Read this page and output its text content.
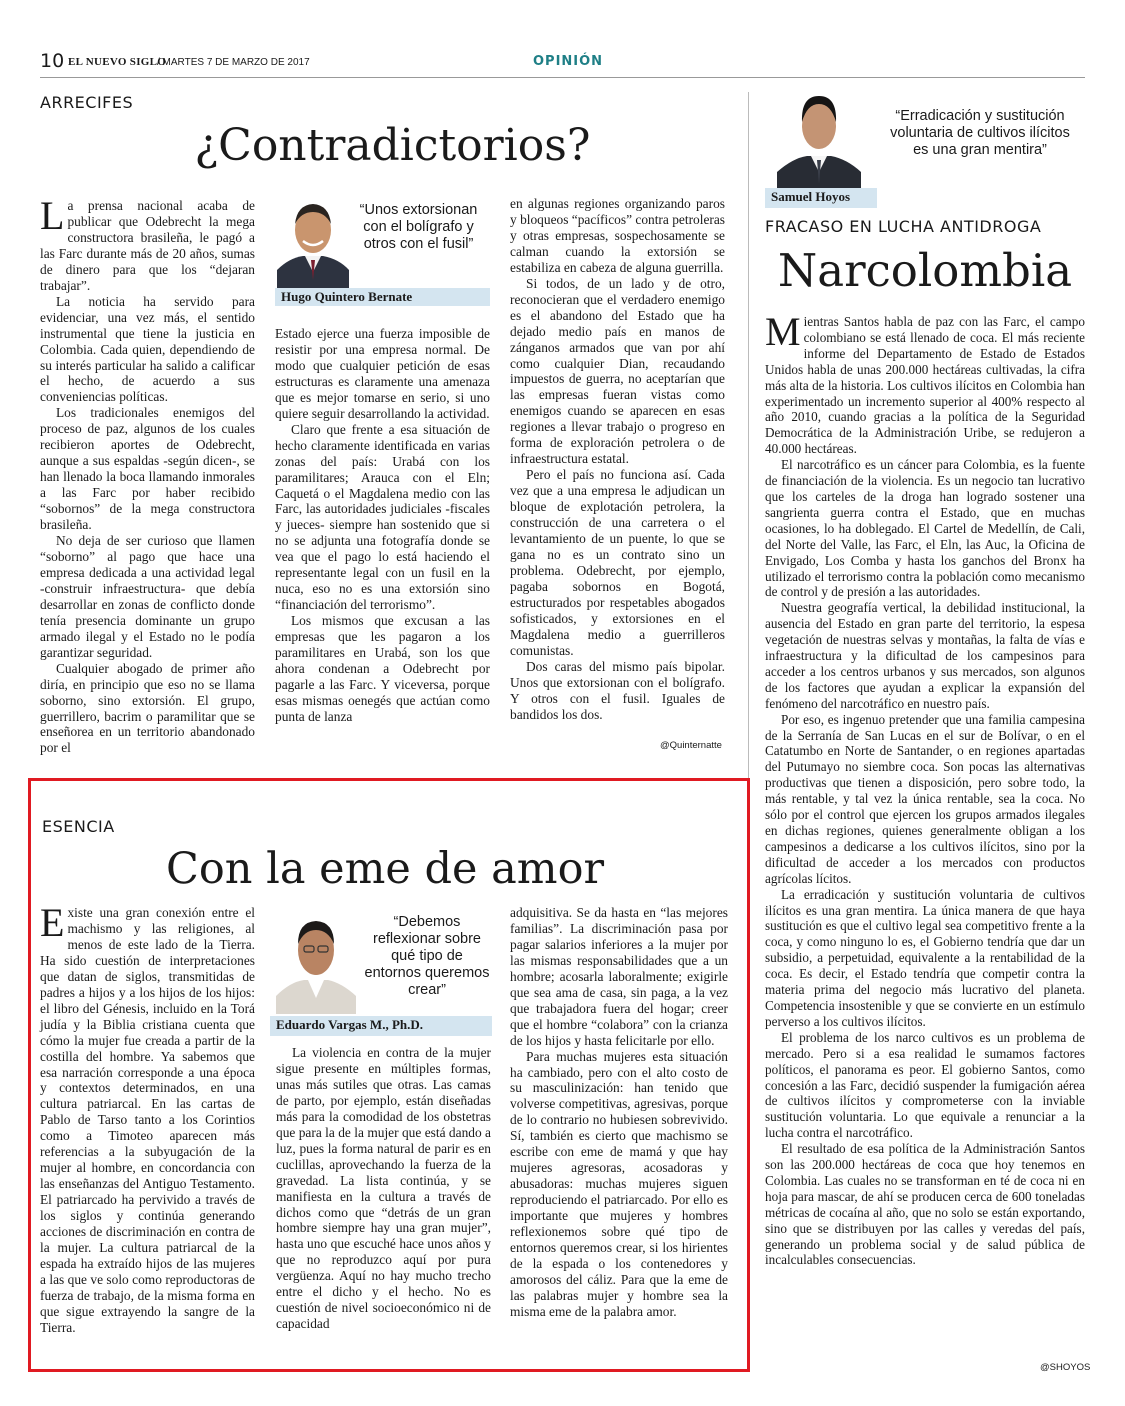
10 EL NUEVO SIGLO
/ MARTES 7 DE MARZO DE 2017	OPINIÓN
ARRECIFES
¿Contradictorios?

La prensa nacional acaba de publicar que Odebrecht la mega constructora brasileña, le pagó a las Farc durante más de 20 años, sumas de dinero para que los “dejaran trabajar”.

La noticia ha servido para evidenciar, una vez más, el sentido instrumental que tiene la justicia en Colombia. Cada quien, dependiendo de su interés particular ha salido a calificar el hecho, de acuerdo a sus conveniencias políticas.

Los tradicionales enemigos del proceso de paz, algunos de los cuales recibieron aportes de Odebrecht, aunque a sus espaldas -según dicen-, se han llenado la boca llamando inmorales a las Farc por haber recibido “sobornos” de la mega constructora brasileña.

No deja de ser curioso que llamen “soborno” al pago que hace una empresa dedicada a una actividad legal -construir infraestructura- que debía desarrollar en zonas de conflicto donde tenía presencia dominante un grupo armado ilegal y el Estado no le podía garantizar seguridad.

Cualquier abogado de primer año diría, en principio que eso no se llama soborno, sino extorsión. El grupo, guerrillero, bacrim o paramilitar que se enseñorea en un territorio abandonado por el

“Unos extorsionan con el bolígrafo y otros con el fusil”
Hugo Quintero Bernate

Estado ejerce una fuerza imposible de resistir por una empresa normal. De modo que cualquier petición de esas estructuras es claramente una amenaza que es mejor tomarse en serio, si uno quiere seguir desarrollando la actividad.

Claro que frente a esa situación de hecho claramente identificada en varias zonas del país: Urabá con los paramilitares; Arauca con el Eln; Caquetá o el Magdalena medio con las Farc, las autoridades judiciales -fiscales y jueces- siempre han sostenido que si no se adjunta una fotografía donde se vea que el pago lo está haciendo el representante legal con un fusil en la nuca, eso no es una extorsión sino “financiación del terrorismo”.

Los mismos que excusan a las empresas que les pagaron a los paramilitares en Urabá, son los que ahora condenan a Odebrecht por pagarle a las Farc. Y viceversa, porque esas mismas oenegés que actúan como punta de lanza

en algunas regiones organizando paros y bloqueos “pacíficos” contra petroleras y otras empresas, sospechosamente se calman cuando la extorsión se estabiliza en cabeza de alguna guerrilla.

Si todos, de un lado y de otro, reconocieran que el verdadero enemigo es el abandono del Estado que ha dejado medio país en manos de zánganos armados que van por ahí como cualquier Dian, recaudando impuestos de guerra, no aceptarían que las empresas fueran vistas como enemigos cuando se aparecen en esas regiones a llevar trabajo o progreso en forma de exploración petrolera o de infraestructura estatal.

Pero el país no funciona así. Cada vez que a una empresa le adjudican un bloque de explotación petrolera, la construcción de una carretera o el levantamiento de un puente, lo que se gana no es un contrato sino un problema. Odebrecht, por ejemplo, pagaba sobornos en Bogotá, estructurados por respetables abogados sofisticados, y extorsiones en el Magdalena medio a guerrilleros comunistas.

Dos caras del mismo país bipolar. Unos que extorsionan con el bolígrafo. Y otros con el fusil. Iguales de bandidos los dos.

@Quinternatte
ESENCIA
Con la eme de amor

Existe una gran conexión entre el machismo y las religiones, al menos de este lado de la Tierra. Ha sido cuestión de interpretaciones que datan de siglos, transmitidas de padres a hijos y a los hijos de los hijos: el libro del Génesis, incluido en la Torá judía y la Biblia cristiana cuenta que cómo la mujer fue creada a partir de la costilla del hombre. Ya sabemos que esa narración corresponde a una época y contextos determinados, en una cultura patriarcal. En las cartas de Pablo de Tarso tanto a los Corintios como a Timoteo aparecen más referencias a la subyugación de la mujer al hombre, en concordancia con las enseñanzas del Antiguo Testamento. El patriarcado ha pervivido a través de los siglos y continúa generando acciones de discriminación en contra de la mujer. La cultura patriarcal de la espada ha extraído hijos de las mujeres a las que ve solo como reproductoras de fuerza de trabajo, de la misma forma en que sigue extrayendo la sangre de la Tierra.

“Debemos reflexionar sobre qué tipo de entornos queremos crear”
Eduardo Vargas M., Ph.D.

La violencia en contra de la mujer sigue presente en múltiples formas, unas más sutiles que otras. Las camas de parto, por ejemplo, están diseñadas más para la comodidad de los obstetras que para la de la mujer que está dando a luz, pues la forma natural de parir es en cuclillas, aprovechando la fuerza de la gravedad. La lista continúa, y se manifiesta en la cultura a través de dichos como que “detrás de un gran hombre siempre hay una gran mujer”, hasta uno que escuché hace unos años y que no reproduzco aquí por pura vergüenza. Aquí no hay mucho trecho entre el dicho y el hecho. No es cuestión de nivel socioeconómico ni de capacidad

adquisitiva. Se da hasta en “las mejores familias”. La discriminación pasa por pagar salarios inferiores a la mujer por las mismas responsabilidades que a un hombre; acosarla laboralmente; exigirle que sea ama de casa, sin paga, a la vez que trabajadora fuera del hogar; creer que el hombre “colabora” con la crianza de los hijos y hasta felicitarle por ello.

Para muchas mujeres esta situación ha cambiado, pero con el alto costo de su masculinización: han tenido que volverse competitivas, agresivas, porque de lo contrario no hubiesen sobrevivido. Sí, también es cierto que machismo se escribe con eme de mamá y que hay mujeres agresoras, acosadoras y abusadoras: muchas mujeres siguen reproduciendo el patriarcado. Por ello es importante que mujeres y hombres reflexionemos sobre qué tipo de entornos queremos crear, si los hirientes de la espada o los contenedores y amorosos del cáliz. Para que la eme de las palabras mujer y hombre sea la misma eme de la palabra amor.

“Erradicación y sustitución voluntaria de cultivos ilícitos es una gran mentira”
Samuel Hoyos
FRACASO EN LUCHA ANTIDROGA
Narcolombia

Mientras Santos habla de paz con las Farc, el campo colombiano se está llenado de coca. El más reciente informe del Departamento de Estado de Estados Unidos habla de unas 200.000 hectáreas cultivadas, la cifra más alta de la historia. Los cultivos ilícitos en Colombia han experimentado un incremento superior al 400% respecto al año 2010, cuando gracias a la política de la Seguridad Democrática de la Administración Uribe, se redujeron a 40.000 hectáreas.

El narcotráfico es un cáncer para Colombia, es la fuente de financiación de la violencia. Es un negocio tan lucrativo que los carteles de la droga han logrado sostener una sangrienta guerra contra el Estado, que en muchas ocasiones, lo ha doblegado. El Cartel de Medellín, de Cali, del Norte del Valle, las Farc, el Eln, las Auc, la Oficina de Envigado, Los Comba y hasta los ganchos del Bronx ha utilizado el terrorismo contra la población como mecanismo de control y de presión a las autoridades.

Nuestra geografía vertical, la debilidad institucional, la ausencia del Estado en gran parte del territorio, la espesa vegetación de nuestras selvas y montañas, la falta de vías e infraestructura y la dificultad de los campesinos para acceder a los centros urbanos y sus mercados, son algunos de los factores que ayudan a explicar la expansión del fenómeno del narcotráfico en nuestro país.

Por eso, es ingenuo pretender que una familia campesina de la Serranía de San Lucas en el sur de Bolívar, o en el Catatumbo en Norte de Santander, o en regiones apartadas del Putumayo no siembre coca. Son pocas las alternativas productivas que tienen a disposición, pero sobre todo, la más rentable, y tal vez la única rentable, sea la coca. No sólo por el control que ejercen los grupos armados ilegales en dichas regiones, quienes generalmente obligan a los campesinos a dedicarse a los cultivos ilícitos, sino por la dificultad de acceder a los mercados con productos agrícolas lícitos.

La erradicación y sustitución voluntaria de cultivos ilícitos es una gran mentira. La única manera de que haya sustitución es que el cultivo legal sea competitivo frente a la coca, y como ninguno lo es, el Gobierno tendría que dar un subsidio, a perpetuidad, equivalente a la rentabilidad de la coca. Es decir, el Estado tendría que competir contra la materia prima del negocio más lucrativo del planeta. Competencia insostenible y que se convierte en un estímulo perverso a los cultivos ilícitos.

El problema de los narco cultivos es un problema de mercado. Pero si a esa realidad le sumamos factores políticos, el panorama es peor. El gobierno Santos, como concesión a las Farc, decidió suspender la fumigación aérea de cultivos ilícitos y comprometerse con la inviable sustitución voluntaria. Lo que equivale a renunciar a la lucha contra el narcotráfico.

El resultado de esa política de la Administración Santos son las 200.000 hectáreas de coca que hoy tenemos en Colombia. Las cuales no se transforman en té de coca ni en hoja para mascar, de ahí se producen cerca de 600 toneladas métricas de cocaína al año, que no solo se están exportando, sino que se distribuyen por las calles y veredas del país, generando un problema social y de salud pública de incalculables consecuencias.

@SHOYOS
